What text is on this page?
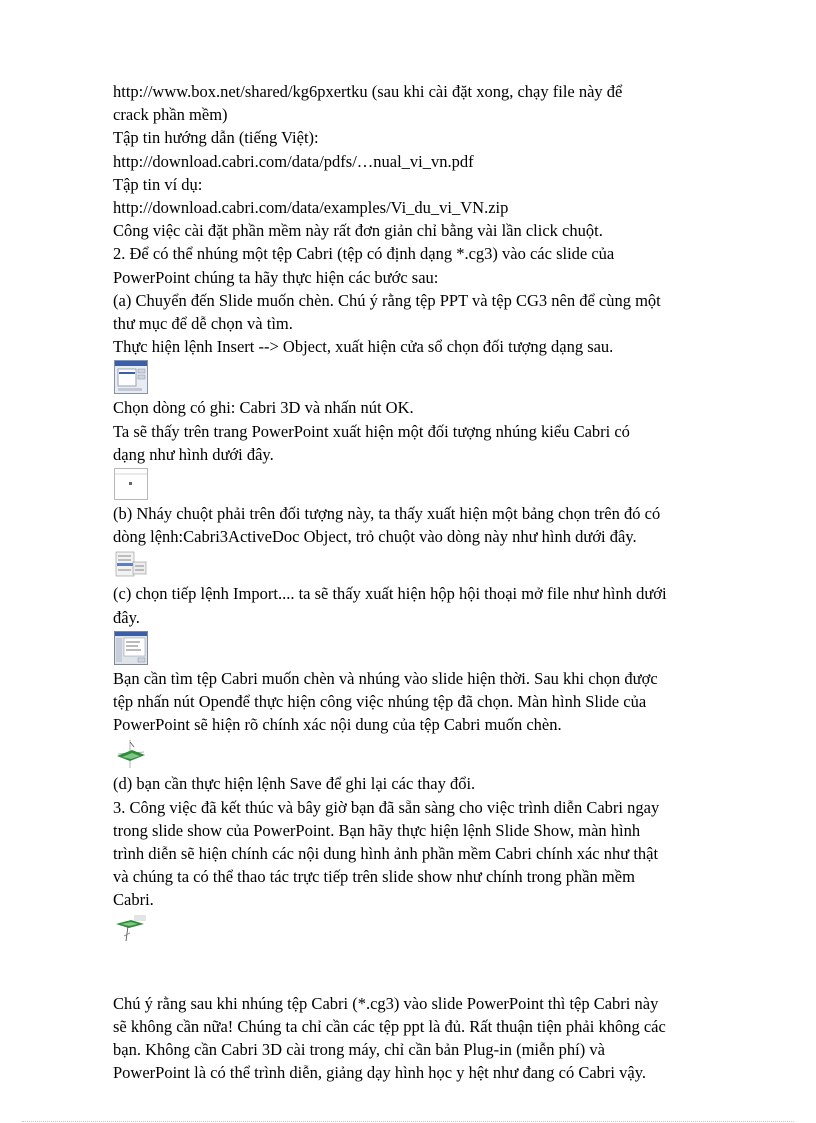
http://www.box.net/shared/kg6pxertku (sau khi cài đặt xong, chạy file này để
crack phần mềm)
Tập tin hướng dẫn (tiếng Việt):
http://download.cabri.com/data/pdfs/…nual_vi_vn.pdf
Tập tin ví dụ:
http://download.cabri.com/data/examples/Vi_du_vi_VN.zip
Công việc cài đặt phần mềm này rất đơn giản chỉ bằng vài lần click chuột.
2. Để có thể nhúng một tệp Cabri (tệp có định dạng *.cg3) vào các slide của
PowerPoint chúng ta hãy thực hiện các bước sau:
(a) Chuyển đến Slide muốn chèn. Chú ý rằng tệp PPT và tệp CG3 nên để cùng một
thư mục để dễ chọn và tìm.
Thực hiện lệnh Insert --> Object, xuất hiện cửa sổ chọn đối tượng dạng sau.
Chọn dòng có ghi: Cabri 3D và nhấn nút OK.
Ta sẽ thấy trên trang PowerPoint xuất hiện một đối tượng nhúng kiểu Cabri có
dạng như hình dưới đây.
(b) Nháy chuột phải trên đối tượng này, ta thấy xuất hiện một bảng chọn trên đó có
dòng lệnh:Cabri3ActiveDoc Object, trỏ chuột vào dòng này như hình dưới đây.
(c) chọn tiếp lệnh Import.... ta sẽ thấy xuất hiện hộp hội thoại mở file như hình dưới
đây.
Bạn cần tìm tệp Cabri muốn chèn và nhúng vào slide hiện thời. Sau khi chọn được
tệp nhấn nút Openđể thực hiện công việc nhúng tệp đã chọn. Màn hình Slide của
PowerPoint sẽ hiện rõ chính xác nội dung của tệp Cabri muốn chèn.
(d) bạn cần thực hiện lệnh Save để ghi lại các thay đổi.
3. Công việc đã kết thúc và bây giờ bạn đã sẵn sàng cho việc trình diễn Cabri ngay
trong slide show của PowerPoint. Bạn hãy thực hiện lệnh Slide Show, màn hình
trình diễn sẽ hiện chính các nội dung hình ảnh phần mềm Cabri chính xác như thật
và chúng ta có thể thao tác trực tiếp trên slide show như chính trong phần mềm
Cabri.
Chú ý rằng sau khi nhúng tệp Cabri (*.cg3) vào slide PowerPoint thì tệp Cabri này
sẽ không cần nữa! Chúng ta chỉ cần các tệp ppt là đủ. Rất thuận tiện phải không các
bạn. Không cần Cabri 3D cài trong máy, chỉ cần bản Plug-in (miễn phí) và
PowerPoint là có thể trình diễn, giảng dạy hình học y hệt như đang có Cabri vậy.
